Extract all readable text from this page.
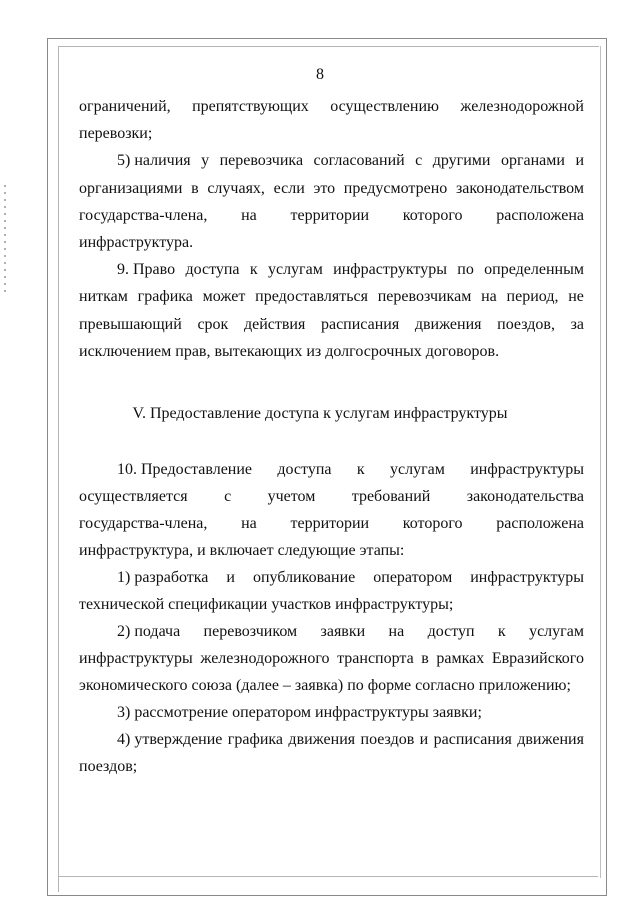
8
V. Предоставление доступа к услугам инфраструктуры
ограничений, препятствующих осуществлению железнодорожной
перевозки;
5) наличия у перевозчика согласований с другими органами и
организациями в случаях, если это предусмотрено законодательством
государства-члена, на территории которого расположена
инфраструктура.
9. Право доступа к услугам инфраструктуры по определенным
ниткам графика может предоставляться перевозчикам на период, не
превышающий срок действия расписания движения поездов, за
исключением прав, вытекающих из долгосрочных договоров.
10. Предоставление доступа к услугам инфраструктуры
осуществляется с учетом требований законодательства
государства-члена, на территории которого расположена
инфраструктура, и включает следующие этапы:
1) разработка и опубликование оператором инфраструктуры
технической спецификации участков инфраструктуры;
2) подача перевозчиком заявки на доступ к услугам
инфраструктуры железнодорожного транспорта в рамках Евразийского
экономического союза (далее – заявка) по форме согласно приложению;
3) рассмотрение оператором инфраструктуры заявки;
4) утверждение графика движения поездов и расписания движения
поездов;
